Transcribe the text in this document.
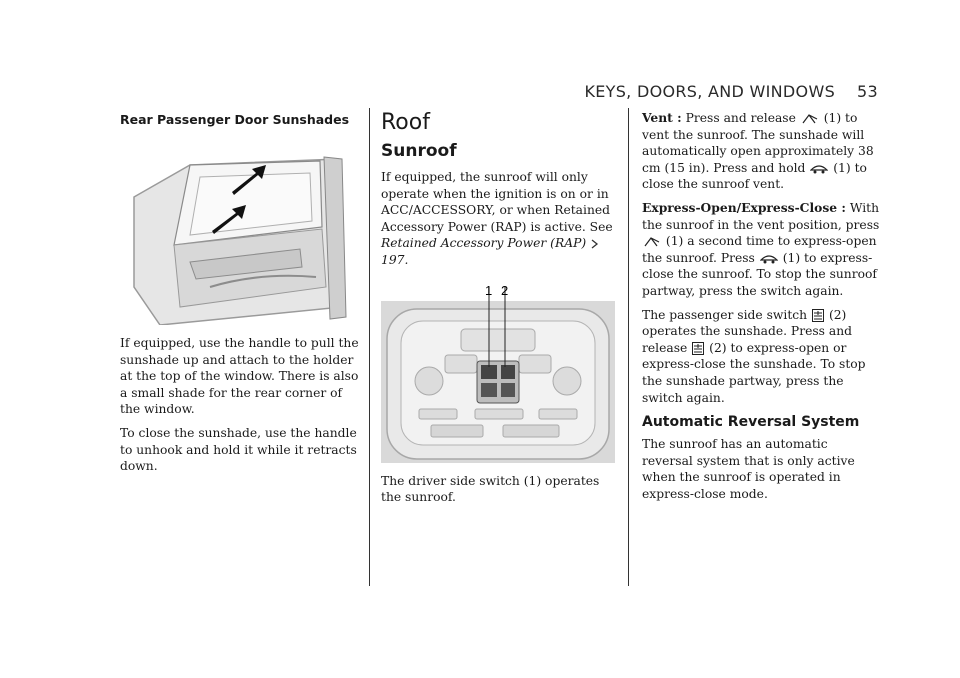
KEYS, DOORS, AND WINDOWS 53
Rear Passenger Door Sunshades

If equipped, use the handle to pull the sunshade up and attach to the holder at the top of the window. There is also a small shade for the rear corner of the window.

To close the sunshade, use the handle to unhook and hold it while it retracts down.

Roof
Sunroof

If equipped, the sunroof will only operate when the ignition is on or in ACC/ACCESSORY, or when Retained Accessory Power (RAP) is active. See Retained Accessory Power (RAP)  197.

1 2

The driver side switch (1) operates the sunroof.

Vent : Press and release (1) to vent the sunroof. The sunshade will automatically open approximately 38 cm (15 in). Press and hold (1) to close the sunroof vent.

Express-Open/Express-Close : With the sunroof in the vent position, press  (1) a second time to express-open the sunroof. Press (1) to express-close the sunroof. To stop the sunroof partway, press the switch again.

The passenger side switch (2) operates the sunshade. Press and release (2) to express-open or express-close the sunshade. To stop the sunshade partway, press the switch again.

Automatic Reversal System

The sunroof has an automatic reversal system that is only active when the sunroof is operated in express-close mode.
